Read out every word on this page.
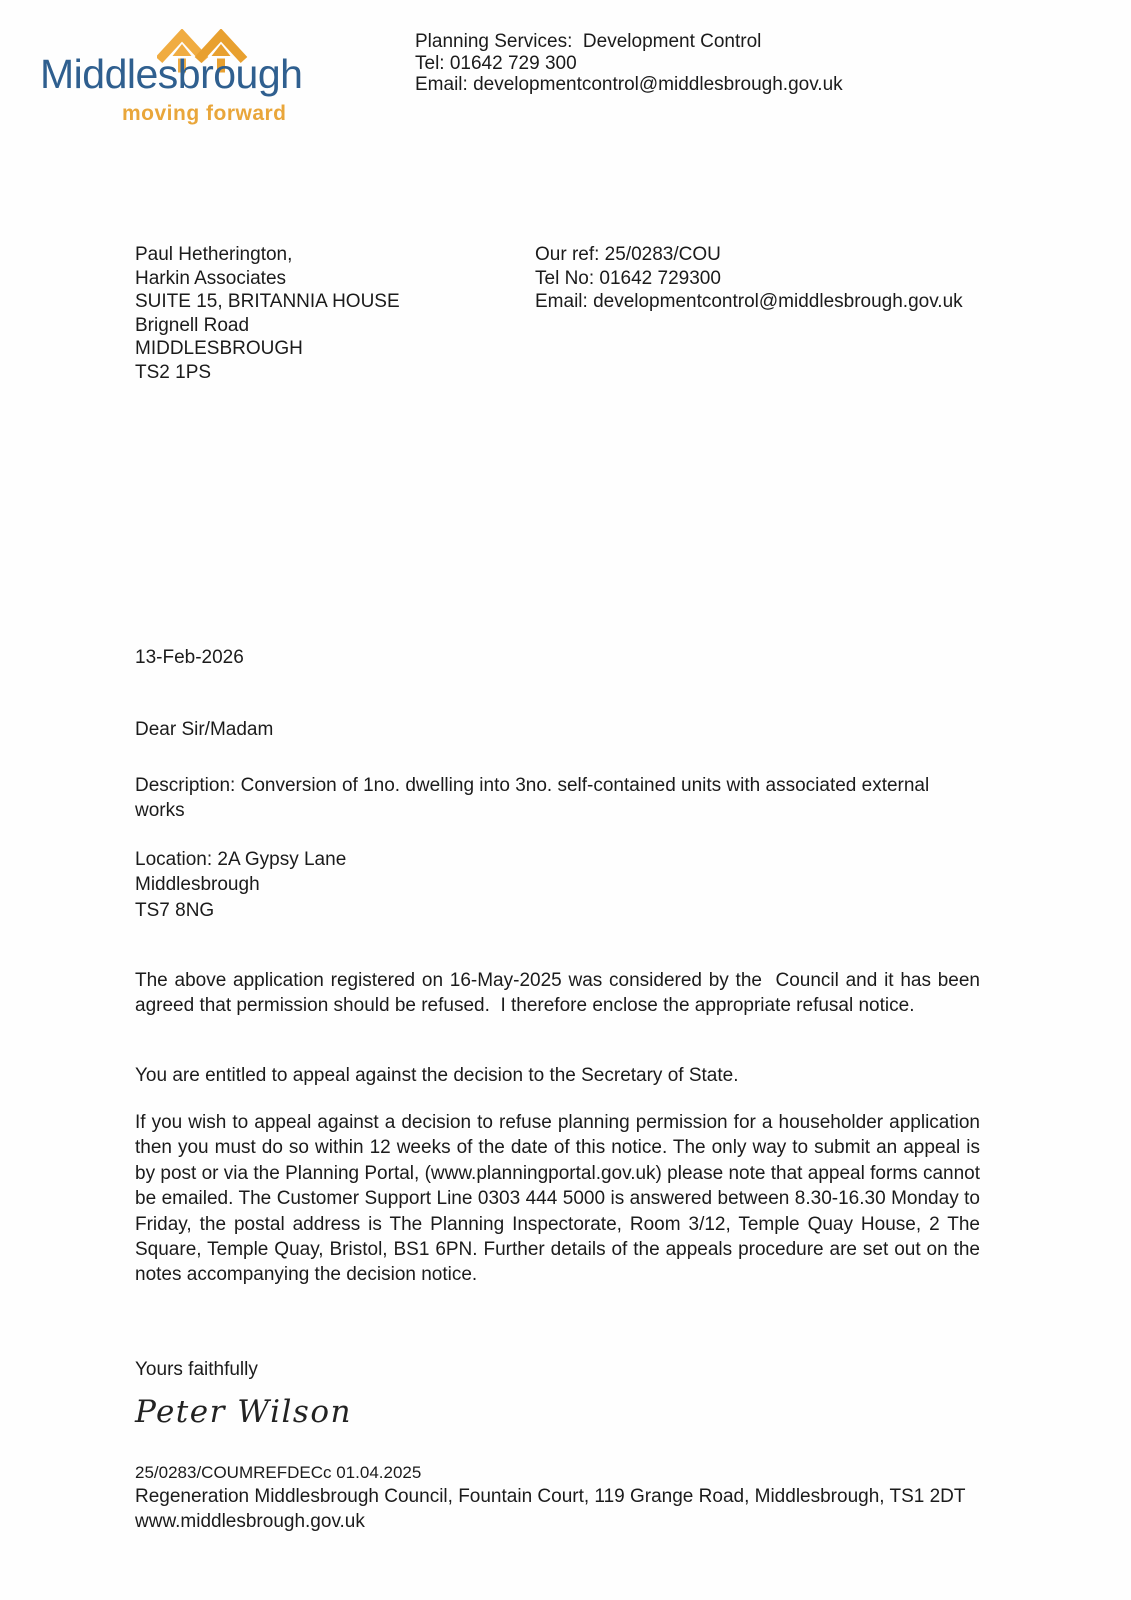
Middlesbrough
moving forward
Planning Services:  Development Control
Tel: 01642 729 300
Email: developmentcontrol@middlesbrough.gov.uk
Paul Hetherington,
Harkin Associates
SUITE 15, BRITANNIA HOUSE
Brignell Road
MIDDLESBROUGH
TS2 1PS
Our ref: 25/0283/COU
Tel No: 01642 729300
Email: developmentcontrol@middlesbrough.gov.uk
13-Feb-2026
Dear Sir/Madam
Description: Conversion of 1no. dwelling into 3no. self-contained units with associated external works
Location: 2A Gypsy Lane
Middlesbrough
TS7 8NG
The above application registered on 16-May-2025 was considered by the  Council and it has been agreed that permission should be refused.  I therefore enclose the appropriate refusal notice.
You are entitled to appeal against the decision to the Secretary of State.
If you wish to appeal against a decision to refuse planning permission for a householder application then you must do so within 12 weeks of the date of this notice. The only way to submit an appeal is by post or via the Planning Portal, (www.planningportal.gov.uk) please note that appeal forms cannot be emailed. The Customer Support Line 0303 444 5000 is answered between 8.30-16.30 Monday to Friday, the postal address is The Planning Inspectorate, Room 3/12, Temple Quay House, 2 The Square, Temple Quay, Bristol, BS1 6PN. Further details of the appeals procedure are set out on the notes accompanying the decision notice.
Yours faithfully
Peter Wilson
25/0283/COUMREFDECc 01.04.2025
Regeneration Middlesbrough Council, Fountain Court, 119 Grange Road, Middlesbrough, TS1 2DT
www.middlesbrough.gov.uk
